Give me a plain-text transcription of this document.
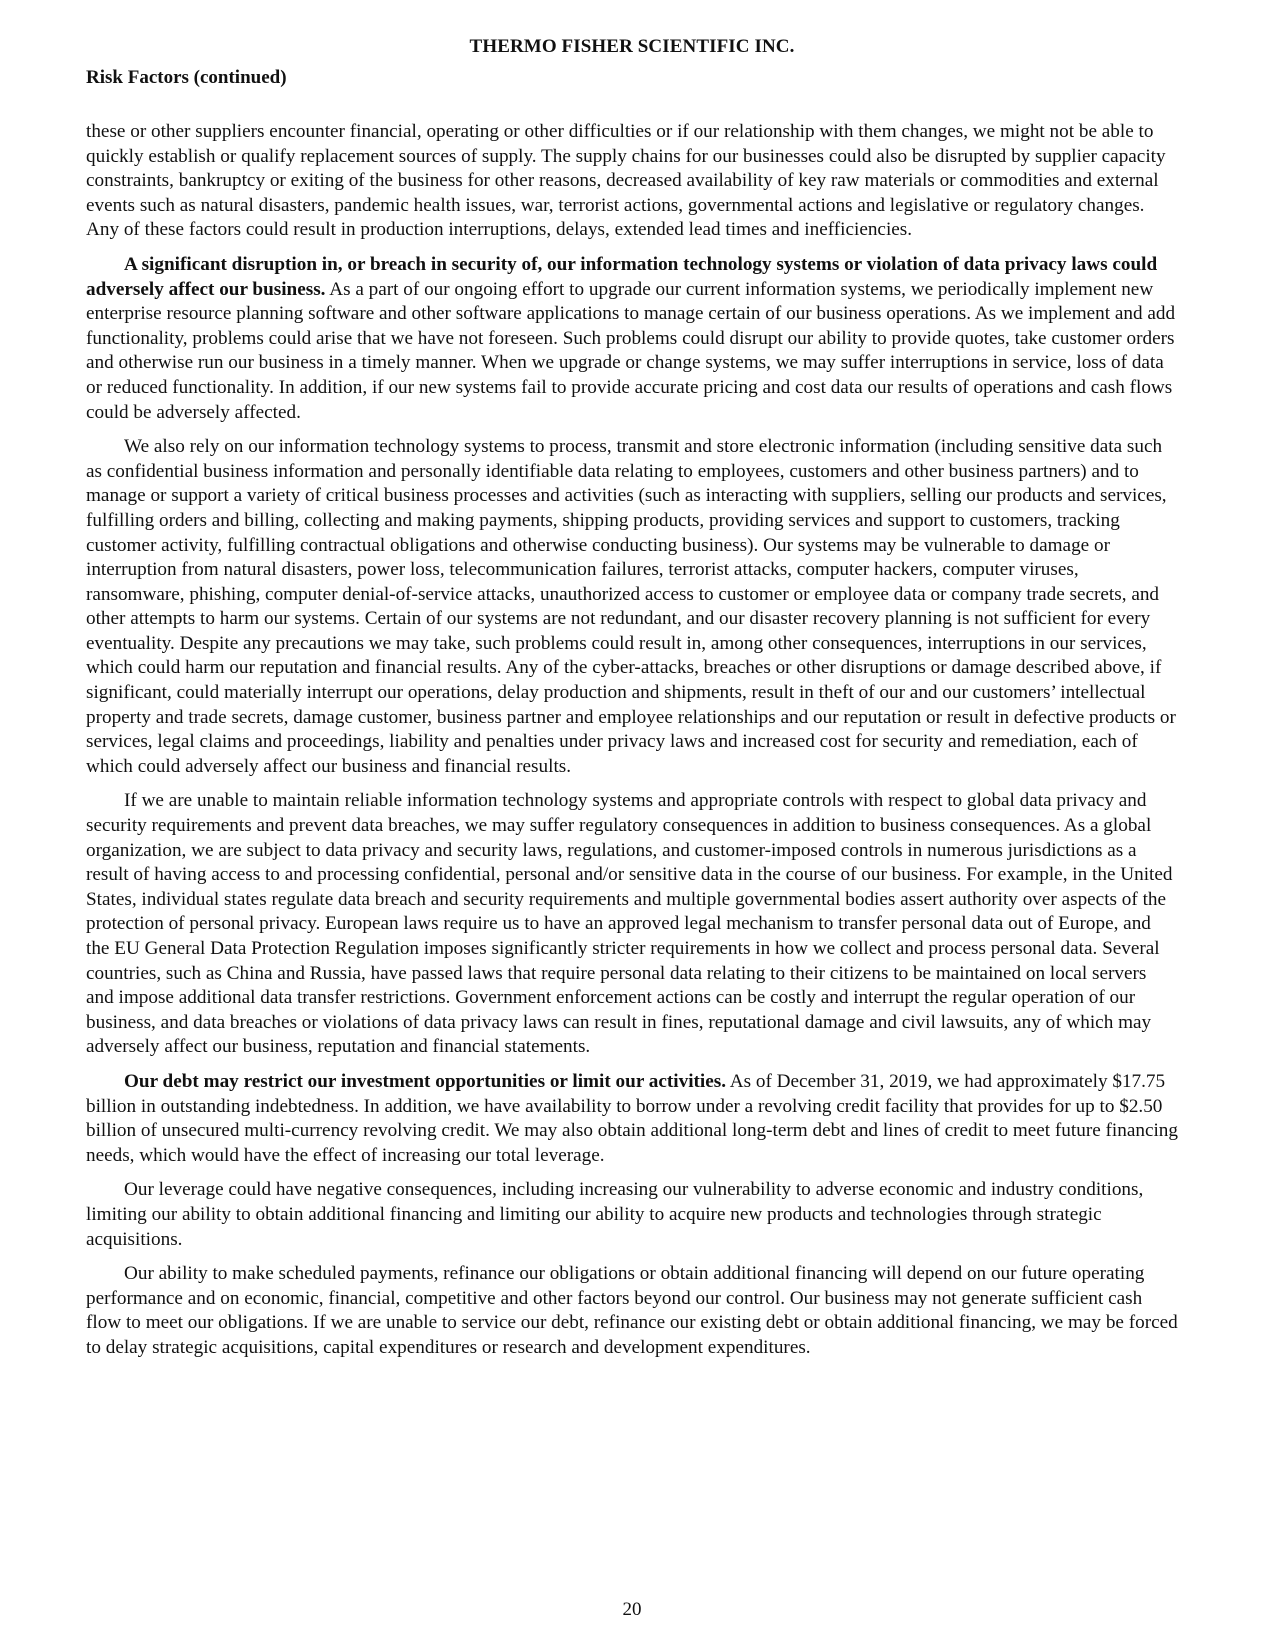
THERMO FISHER SCIENTIFIC INC.

Risk Factors (continued)

these or other suppliers encounter financial, operating or other difficulties or if our relationship with them changes, we might not be able to quickly establish or qualify replacement sources of supply. The supply chains for our businesses could also be disrupted by supplier capacity constraints, bankruptcy or exiting of the business for other reasons, decreased availability of key raw materials or commodities and external events such as natural disasters, pandemic health issues, war, terrorist actions, governmental actions and legislative or regulatory changes. Any of these factors could result in production interruptions, delays, extended lead times and inefficiencies.

A significant disruption in, or breach in security of, our information technology systems or violation of data privacy laws could adversely affect our business. As a part of our ongoing effort to upgrade our current information systems, we periodically implement new enterprise resource planning software and other software applications to manage certain of our business operations. As we implement and add functionality, problems could arise that we have not foreseen. Such problems could disrupt our ability to provide quotes, take customer orders and otherwise run our business in a timely manner. When we upgrade or change systems, we may suffer interruptions in service, loss of data or reduced functionality. In addition, if our new systems fail to provide accurate pricing and cost data our results of operations and cash flows could be adversely affected.

We also rely on our information technology systems to process, transmit and store electronic information (including sensitive data such as confidential business information and personally identifiable data relating to employees, customers and other business partners) and to manage or support a variety of critical business processes and activities (such as interacting with suppliers, selling our products and services, fulfilling orders and billing, collecting and making payments, shipping products, providing services and support to customers, tracking customer activity, fulfilling contractual obligations and otherwise conducting business). Our systems may be vulnerable to damage or interruption from natural disasters, power loss, telecommunication failures, terrorist attacks, computer hackers, computer viruses, ransomware, phishing, computer denial-of-service attacks, unauthorized access to customer or employee data or company trade secrets, and other attempts to harm our systems. Certain of our systems are not redundant, and our disaster recovery planning is not sufficient for every eventuality. Despite any precautions we may take, such problems could result in, among other consequences, interruptions in our services, which could harm our reputation and financial results. Any of the cyber-attacks, breaches or other disruptions or damage described above, if significant, could materially interrupt our operations, delay production and shipments, result in theft of our and our customers’ intellectual property and trade secrets, damage customer, business partner and employee relationships and our reputation or result in defective products or services, legal claims and proceedings, liability and penalties under privacy laws and increased cost for security and remediation, each of which could adversely affect our business and financial results.

If we are unable to maintain reliable information technology systems and appropriate controls with respect to global data privacy and security requirements and prevent data breaches, we may suffer regulatory consequences in addition to business consequences. As a global organization, we are subject to data privacy and security laws, regulations, and customer-imposed controls in numerous jurisdictions as a result of having access to and processing confidential, personal and/or sensitive data in the course of our business. For example, in the United States, individual states regulate data breach and security requirements and multiple governmental bodies assert authority over aspects of the protection of personal privacy. European laws require us to have an approved legal mechanism to transfer personal data out of Europe, and the EU General Data Protection Regulation imposes significantly stricter requirements in how we collect and process personal data. Several countries, such as China and Russia, have passed laws that require personal data relating to their citizens to be maintained on local servers and impose additional data transfer restrictions. Government enforcement actions can be costly and interrupt the regular operation of our business, and data breaches or violations of data privacy laws can result in fines, reputational damage and civil lawsuits, any of which may adversely affect our business, reputation and financial statements.

Our debt may restrict our investment opportunities or limit our activities. As of December 31, 2019, we had approximately $17.75 billion in outstanding indebtedness. In addition, we have availability to borrow under a revolving credit facility that provides for up to $2.50 billion of unsecured multi-currency revolving credit. We may also obtain additional long-term debt and lines of credit to meet future financing needs, which would have the effect of increasing our total leverage.

Our leverage could have negative consequences, including increasing our vulnerability to adverse economic and industry conditions, limiting our ability to obtain additional financing and limiting our ability to acquire new products and technologies through strategic acquisitions.

Our ability to make scheduled payments, refinance our obligations or obtain additional financing will depend on our future operating performance and on economic, financial, competitive and other factors beyond our control. Our business may not generate sufficient cash flow to meet our obligations. If we are unable to service our debt, refinance our existing debt or obtain additional financing, we may be forced to delay strategic acquisitions, capital expenditures or research and development expenditures.

20
